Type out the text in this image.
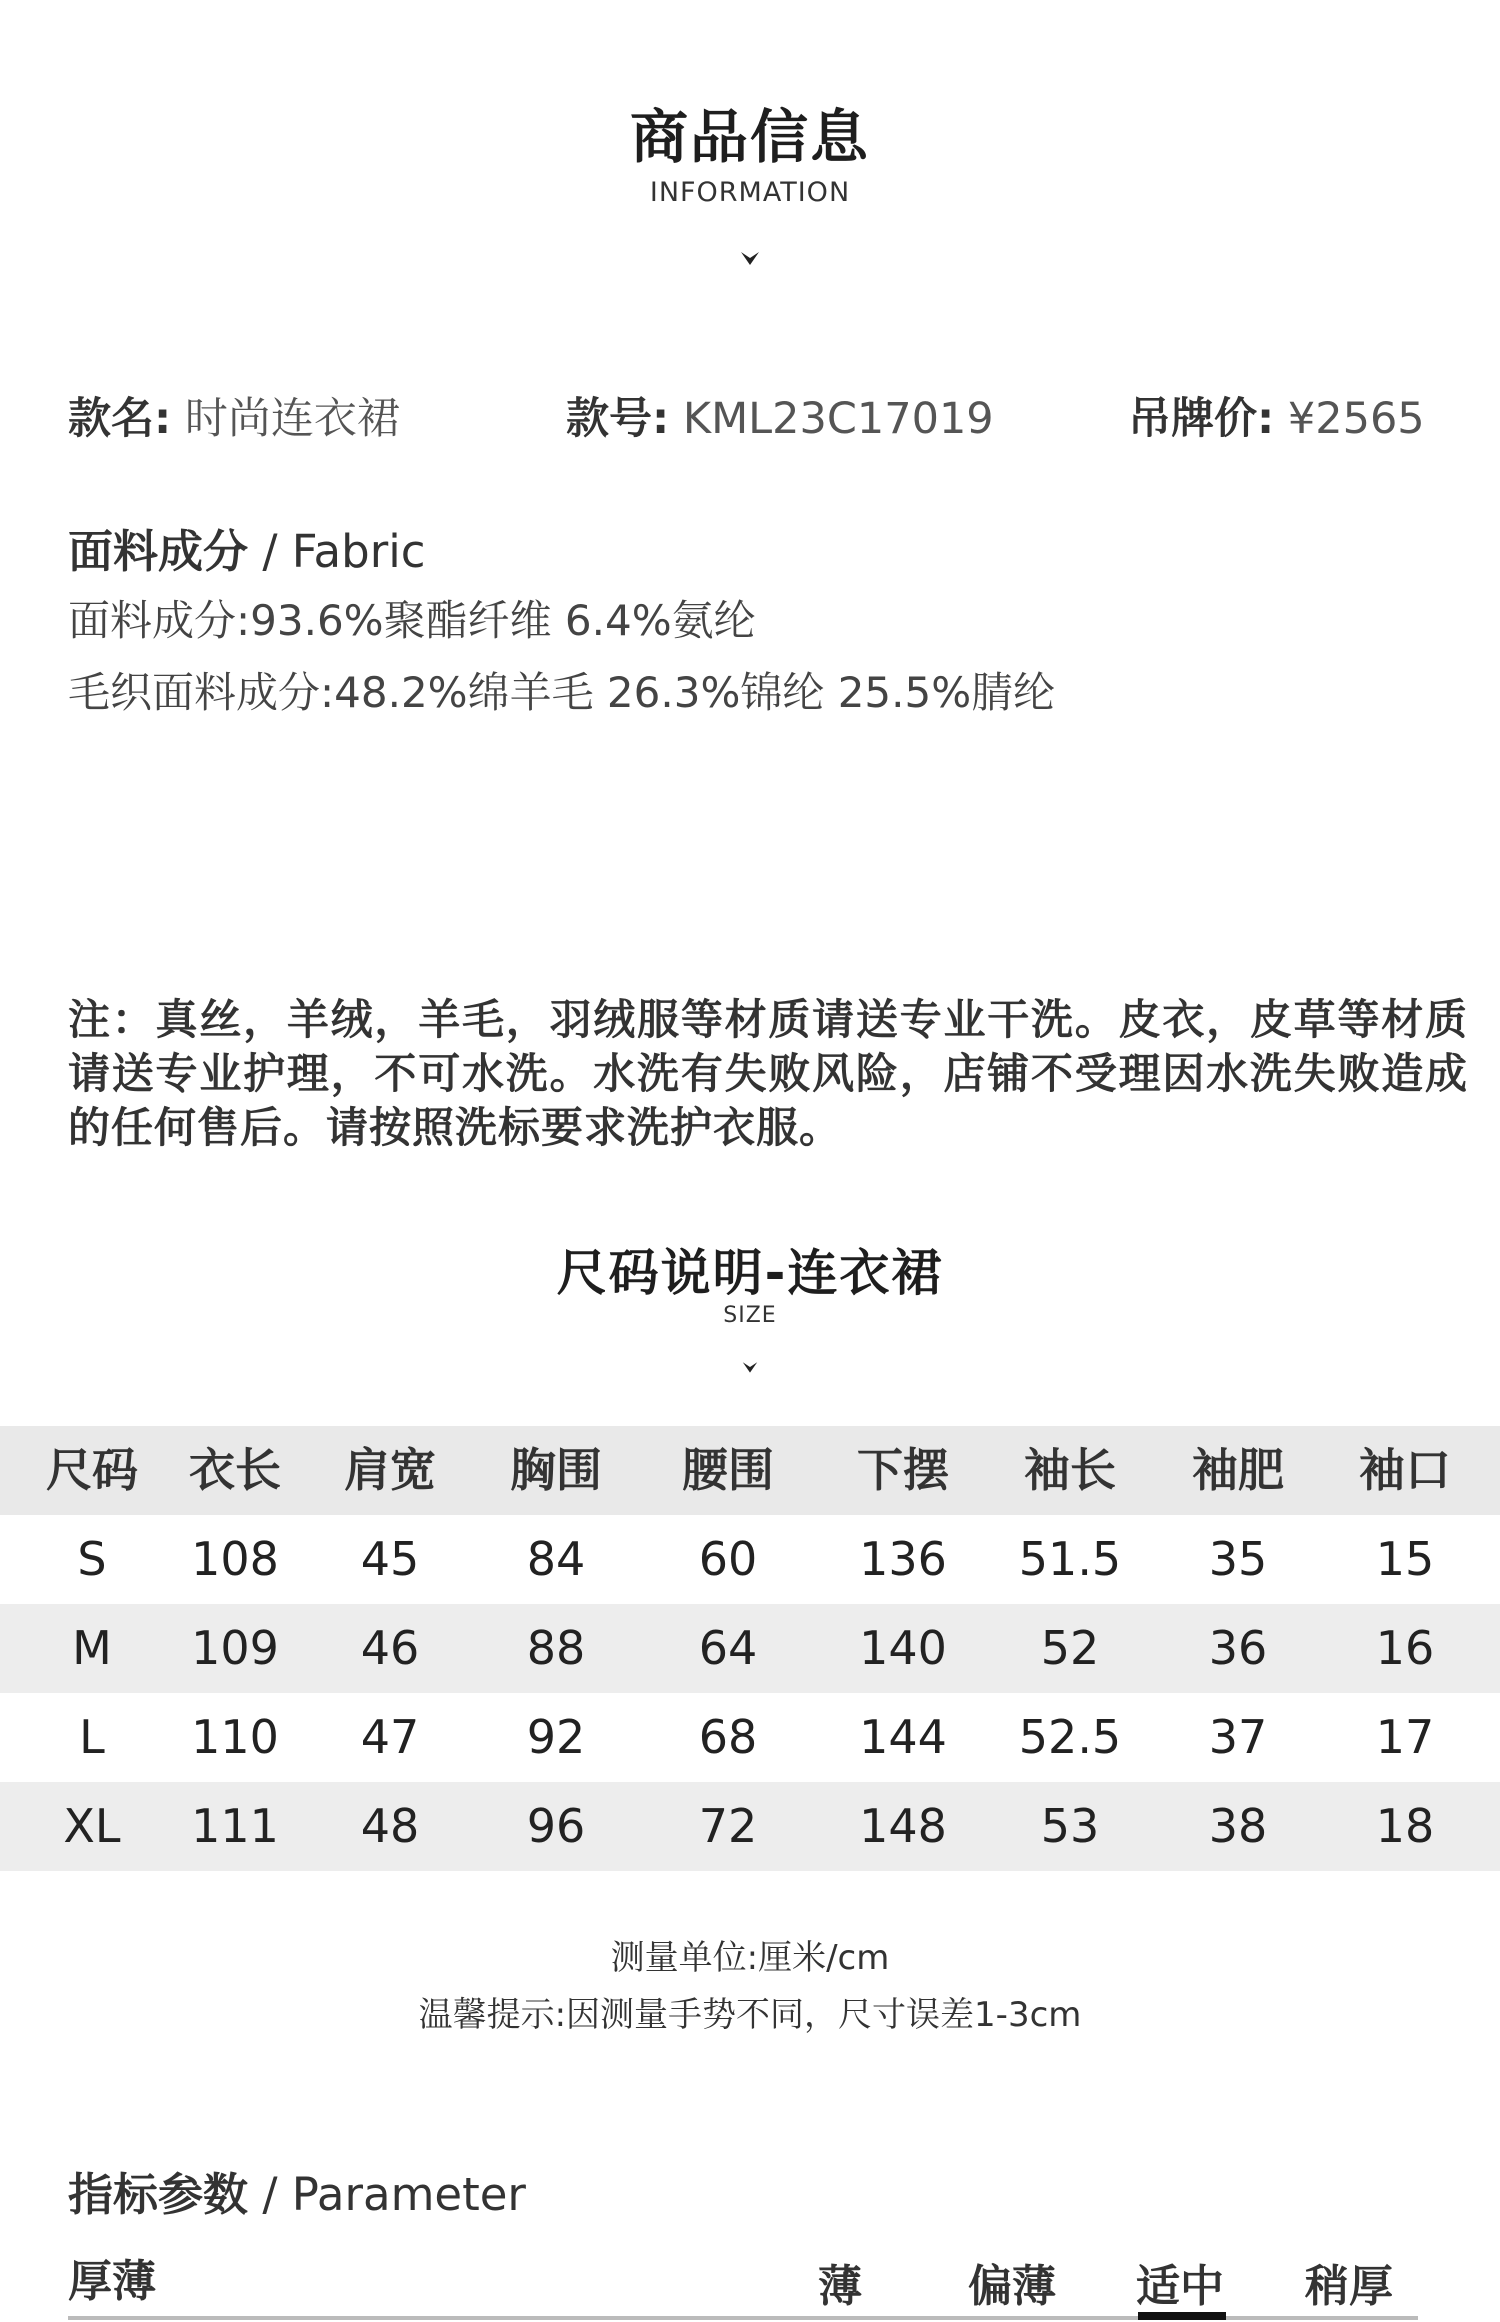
商品信息
INFORMATION
款名: 时尚连衣裙	款号: KML23C17019	吊牌价: ¥2565
面料成分 / Fabric
面料成分:93.6%聚酯纤维 6.4%氨纶
毛织面料成分:48.2%绵羊毛 26.3%锦纶 25.5%腈纶
注：真丝，羊绒，羊毛，羽绒服等材质请送专业干洗。皮衣，皮草等材质请送专业护理，不可水洗。水洗有失败风险，店铺不受理因水洗失败造成的任何售后。请按照洗标要求洗护衣服。
尺码说明-连衣裙
SIZE
尺码	衣长	肩宽	胸围	腰围	下摆	袖长	袖肥	袖口
S	108	45	84	60	136	51.5	35	15
M	109	46	88	64	140	52	36	16
L	110	47	92	68	144	52.5	37	17
XL	111	48	96	72	148	53	38	18
测量单位:厘米/cm
温馨提示:因测量手势不同，尺寸误差1-3cm
指标参数 / Parameter
厚薄	薄 偏薄 适中 稍厚
